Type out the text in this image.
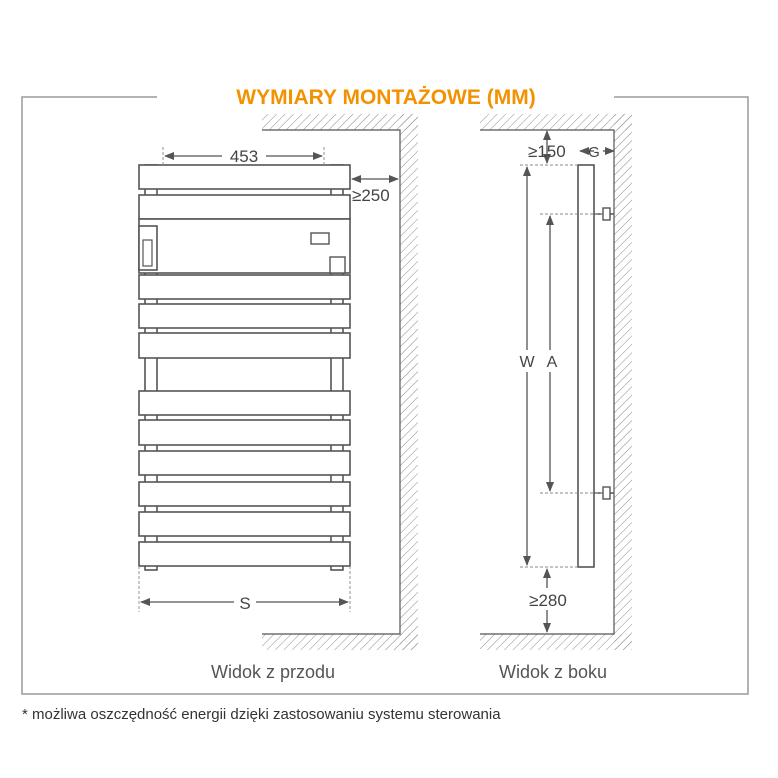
WYMIARY MONTAŻOWE (MM)
453
≥250
S
Widok z przodu
≥150 G
W A
≥280
Widok z boku
* możliwa oszczędność energii dzięki zastosowaniu systemu sterowania
